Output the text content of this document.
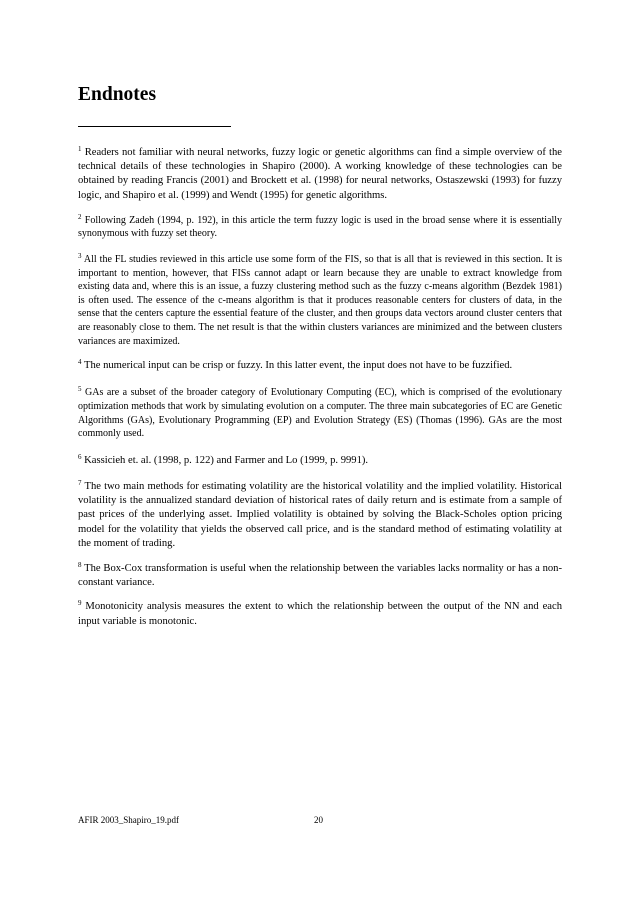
Endnotes

$^1$ Readers not familiar with neural networks, fuzzy logic or genetic algorithms can find a simple overview of the technical details of these technologies in Shapiro (2000). A working knowledge of these technologies can be obtained by reading Francis (2001) and Brockett et al. (1998) for neural networks, Ostaszewski (1993) for fuzzy logic, and Shapiro et al. (1999) and Wendt (1995) for genetic algorithms.

$^2$ Following Zadeh (1994, p. 192), in this article the term fuzzy logic is used in the broad sense where it is essentially synonymous with fuzzy set theory.

$^3$ All the FL studies reviewed in this article use some form of the FIS, so that is all that is reviewed in this section. It is important to mention, however, that FISs cannot adapt or learn because they are unable to extract knowledge from existing data and, where this is an issue, a fuzzy clustering method such as the fuzzy c-means algorithm (Bezdek 1981) is often used. The essence of the c-means algorithm is that it produces reasonable centers for clusters of data, in the sense that the centers capture the essential feature of the cluster, and then groups data vectors around cluster centers that are reasonably close to them. The net result is that the within clusters variances are minimized and the between clusters variances are maximized.

$^4$ The numerical input can be crisp or fuzzy. In this latter event, the input does not have to be fuzzified.

$^5$ GAs are a subset of the broader category of Evolutionary Computing (EC), which is comprised of the evolutionary optimization methods that work by simulating evolution on a computer. The three main subcategories of EC are Genetic Algorithms (GAs), Evolutionary Programming (EP) and Evolution Strategy (ES) (Thomas (1996). GAs are the most commonly used.

$^6$ Kassicieh et. al. (1998, p. 122) and Farmer and Lo (1999, p. 9991).

$^7$ The two main methods for estimating volatility are the historical volatility and the implied volatility. Historical volatility is the annualized standard deviation of historical rates of daily return and is estimate from a sample of past prices of the underlying asset. Implied volatility is obtained by solving the Black-Scholes option pricing model for the volatility that yields the observed call price, and is the standard method of estimating volatility at the moment of trading.

$^8$ The Box-Cox transformation is useful when the relationship between the variables lacks normality or has a non-constant variance.

$^9$ Monotonicity analysis measures the extent to which the relationship between the output of the NN and each input variable is monotonic.

AFIR 2003_Shapiro_19.pdf	20
